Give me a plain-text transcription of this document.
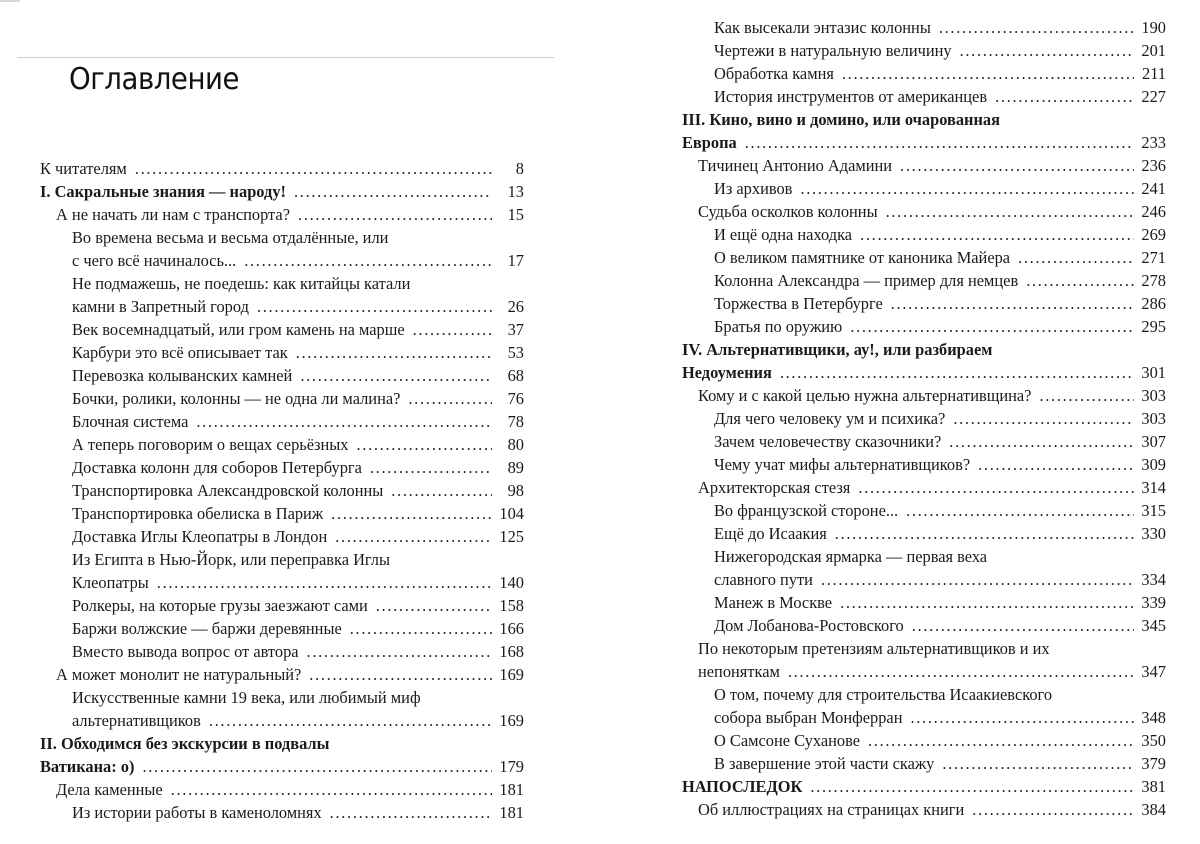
Оглавление
К читателям . . .	8
I. Сакральные знания — народу! . . .	13
А не начать ли нам с транспорта? . . .	15
Во времена весьма и весьма отдалённые, или
с чего всё начиналось... . . .	17
Не подмажешь, не поедешь: как китайцы катали
камни в Запретный город . . .	26
Век восемнадцатый, или гром камень на марше . . .	37
Карбури это всё описывает так . . .	53
Перевозка колыванских камней . . .	68
Бочки, ролики, колонны — не одна ли малина? . . .	76
Блочная система . . .	78
А теперь поговорим о вещах серьёзных . . .	80
Доставка колонн для соборов Петербурга . . .	89
Транспортировка Александровской колонны . . .	98
Транспортировка обелиска в Париж . . .	104
Доставка Иглы Клеопатры в Лондон . . .	125
Из Египта в Нью-Йорк, или переправка Иглы
Клеопатры . . .	140
Ролкеры, на которые грузы заезжают сами . . .	158
Баржи волжские — баржи деревянные . . .	166
Вместо вывода вопрос от автора . . .	168
А может монолит не натуральный? . . .	169
Искусственные камни 19 века, или любимый миф
альтернативщиков . . .	169
II. Обходимся без экскурсии в подвалы
Ватикана: о) . . .	179
Дела каменные . . .	181
Из истории работы в каменоломнях . . .	181
Как высекали энтазис колонны . . .	190
Чертежи в натуральную величину . . .	201
Обработка камня . . .	211
История инструментов от американцев . . .	227
III. Кино, вино и домино, или очарованная
Европа . . .	233
Тичинец Антонио Адамини . . .	236
Из архивов . . .	241
Судьба осколков колонны . . .	246
И ещё одна находка . . .	269
О великом памятнике от каноника Майера . . .	271
Колонна Александра — пример для немцев . . .	278
Торжества в Петербурге . . .	286
Братья по оружию . . .	295
IV. Альтернативщики, ау!, или разбираем
Недоумения . . .	301
Кому и с какой целью нужна альтернативщина? . . .	303
Для чего человеку ум и психика? . . .	303
Зачем человечеству сказочники? . . .	307
Чему учат мифы альтернативщиков? . . .	309
Архитекторская стезя . . .	314
Во французской стороне... . . .	315
Ещё до Исаакия . . .	330
Нижегородская ярмарка — первая веха
славного пути . . .	334
Манеж в Москве . . .	339
Дом Лобанова-Ростовского . . .	345
По некоторым претензиям альтернативщиков и их
непоняткам . . .	347
О том, почему для строительства Исаакиевского
собора выбран Монферран . . .	348
О Самсоне Суханове . . .	350
В завершение этой части скажу . . .	379
НАПОСЛЕДОК . . .	381
Об иллюстрациях на страницах книги . . .	384
